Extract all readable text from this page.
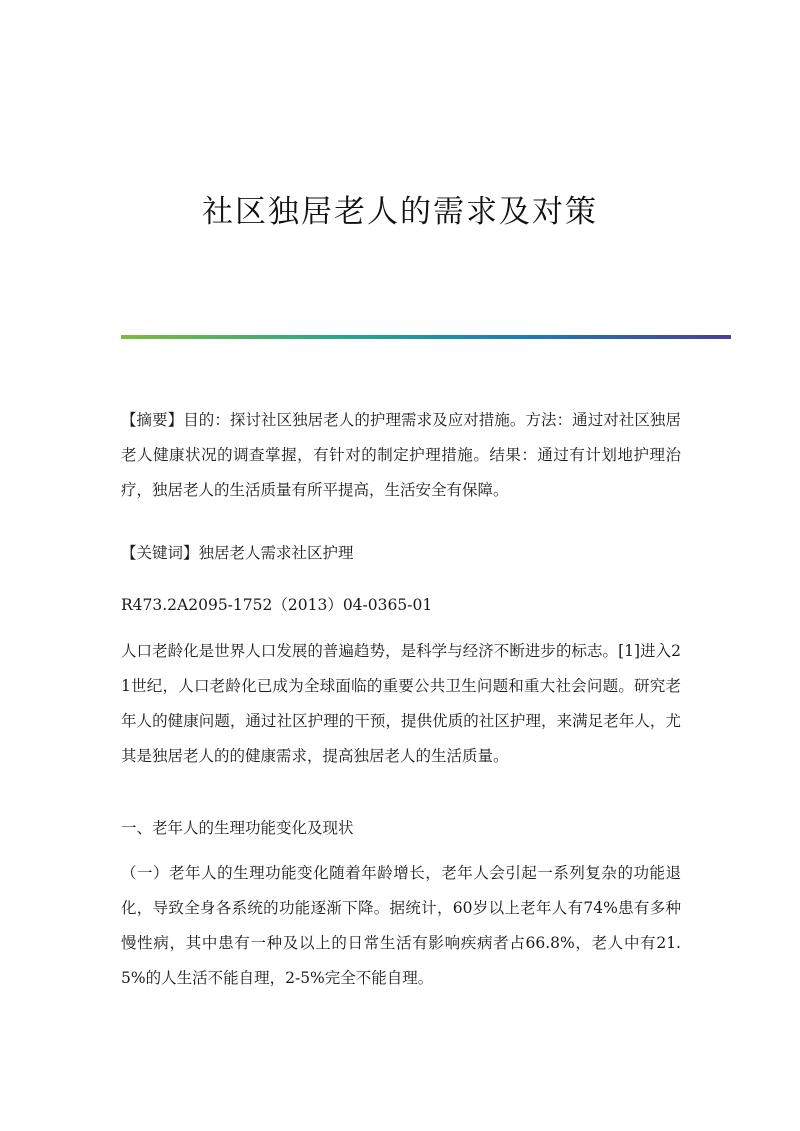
社区独居老人的需求及对策

【摘要】目的：探讨社区独居老人的护理需求及应对措施。方法：通过对社区独居老人健康状况的调查掌握，有针对的制定护理措施。结果：通过有计划地护理治疗，独居老人的生活质量有所平提高，生活安全有保障。

【关键词】独居老人需求社区护理

R473.2A2095-1752（2013）04-0365-01

人口老龄化是世界人口发展的普遍趋势，是科学与经济不断进步的标志。[1]进入21世纪，人口老龄化已成为全球面临的重要公共卫生问题和重大社会问题。研究老年人的健康问题，通过社区护理的干预，提供优质的社区护理，来满足老年人，尤其是独居老人的的健康需求，提高独居老人的生活质量。

一、老年人的生理功能变化及现状

（一）老年人的生理功能变化随着年龄增长，老年人会引起一系列复杂的功能退化，导致全身各系统的功能逐渐下降。据统计，60岁以上老年人有74%患有多种慢性病，其中患有一种及以上的日常生活有影响疾病者占66.8%，老人中有21.5%的人生活不能自理，2-5%完全不能自理。
